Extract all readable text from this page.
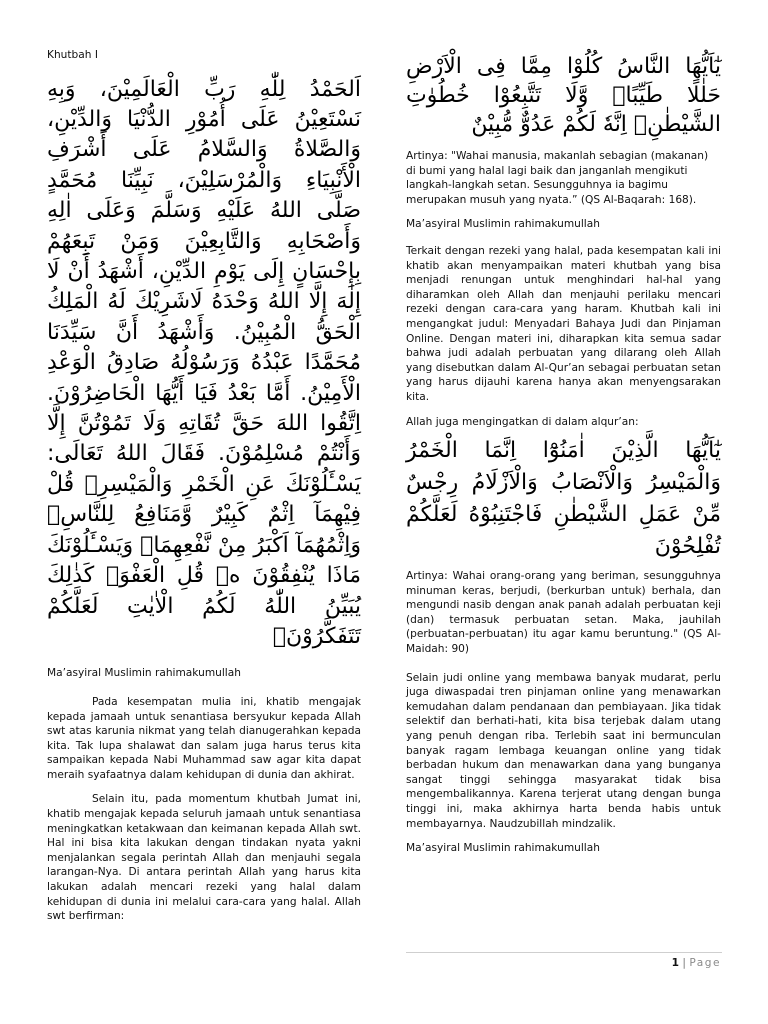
Khutbah I

اَلحَمْدُ لِلّٰهِ رَبِّ الْعَالَمِيْنَ، وَبِهِ نَسْتَعِيْنُ عَلَى أُمُوْرِ الدُّنْيَا وَالدِّيْنِ، وَالصَّلاةُ وَالسَّلامُ عَلَى أَشْرَفِ الْأَنْبِيَاءِ وَالْمُرْسَلِيْنَ، نَبِيِّنَا مُحَمَّدٍ صَلَّى اللهُ عَلَيْهِ وَسَلَّمَ وَعَلَى اٰلِهِ وَأَصْحَابِهِ وَالتَّابِعِيْنَ وَمَنْ تَبِعَهُمْ بِإِحْسَانٍ إِلَى يَوْمِ الدِّيْنِ، أَشْهَدُ أَنْ لَا إِلٰهَ إِلَّا اللهُ وَحْدَهُ لَاشَرِيْكَ لَهُ الْمَلِكُ الْحَقُّ الْمُبِيْنُ. وَأَشْهَدُ أَنَّ سَيِّدَنَا مُحَمَّدًا عَبْدُهُ وَرَسُوْلُهُ صَادِقُ الْوَعْدِ الْأَمِيْنُ. أَمَّا بَعْدُ فَيَا أَيُّهَا الْحَاضِرُوْنَ. اِتَّقُوا اللهَ حَقَّ تُقَاتِهِ وَلَا تَمُوْتُنَّ إِلَّا وَأَنْتُمْ مُسْلِمُوْنَ. فَقَالَ اللهُ تَعَالَى: يَسْـَٔلُوْنَكَ عَنِ الْخَمْرِ وَالْمَيْسِرِۗ قُلْ فِيْهِمَآ اِثْمٌ كَبِيْرٌ وَّمَنَافِعُ لِلنَّاسِۖ وَاِثْمُهُمَآ اَكْبَرُ مِنْ نَّفْعِهِمَاۗ وَيَسْـَٔلُوْنَكَ مَاذَا يُنْفِقُوْنَ ەۗ قُلِ الْعَفْوَۗ كَذٰلِكَ يُبَيِّنُ اللّٰهُ لَكُمُ الْاٰيٰتِ لَعَلَّكُمْ تَتَفَكَّرُوْنَۙ

Ma’asyiral Muslimin rahimakumullah

Pada kesempatan mulia ini, khatib mengajak kepada jamaah untuk senantiasa bersyukur kepada Allah swt atas karunia nikmat yang telah dianugerahkan kepada kita. Tak lupa shalawat dan salam juga harus terus kita sampaikan kepada Nabi Muhammad saw agar kita dapat meraih syafaatnya dalam kehidupan di dunia dan akhirat.

Selain itu, pada momentum khutbah Jumat ini, khatib mengajak kepada seluruh jamaah untuk senantiasa meningkatkan ketakwaan dan keimanan kepada Allah swt. Hal ini bisa kita lakukan dengan tindakan nyata yakni menjalankan segala perintah Allah dan menjauhi segala larangan-Nya. Di antara perintah Allah yang harus kita lakukan adalah mencari rezeki yang halal dalam kehidupan di dunia ini melalui cara-cara yang halal. Allah swt berfirman:

يٰٓاَيُّهَا النَّاسُ كُلُوْا مِمَّا فِى الْاَرْضِ حَلٰلًا طَيِّبًاۖ وَّلَا تَتَّبِعُوْا خُطُوٰتِ الشَّيْطٰنِۗ اِنَّهٗ لَكُمْ عَدُوٌّ مُّبِيْنٌ

Artinya: "Wahai manusia, makanlah sebagian (makanan) di bumi yang halal lagi baik dan janganlah mengikuti langkah-langkah setan. Sesungguhnya ia bagimu merupakan musuh yang nyata.” (QS Al-Baqarah: 168).

Ma’asyiral Muslimin rahimakumullah

Terkait dengan rezeki yang halal, pada kesempatan kali ini khatib akan menyampaikan materi khutbah yang bisa menjadi renungan untuk menghindari hal-hal yang diharamkan oleh Allah dan menjauhi perilaku mencari rezeki dengan cara-cara yang haram. Khutbah kali ini mengangkat judul: Menyadari Bahaya Judi dan Pinjaman Online. Dengan materi ini, diharapkan kita semua sadar bahwa judi adalah perbuatan yang dilarang oleh Allah yang disebutkan dalam Al-Qur’an sebagai perbuatan setan yang harus dijauhi karena hanya akan menyengsarakan kita.

Allah juga mengingatkan di dalam alqur’an:

يٰٓاَيُّهَا الَّذِيْنَ اٰمَنُوْٓا اِنَّمَا الْخَمْرُ وَالْمَيْسِرُ وَالْاَنْصَابُ وَالْاَزْلَامُ رِجْسٌ مِّنْ عَمَلِ الشَّيْطٰنِ فَاجْتَنِبُوْهُ لَعَلَّكُمْ تُفْلِحُوْنَ

Artinya: Wahai orang-orang yang beriman, sesungguhnya minuman keras, berjudi, (berkurban untuk) berhala, dan mengundi nasib dengan anak panah adalah perbuatan keji (dan) termasuk perbuatan setan. Maka, jauhilah (perbuatan-perbuatan) itu agar kamu beruntung." (QS Al-Maidah: 90)

Selain judi online yang membawa banyak mudarat, perlu juga diwaspadai tren pinjaman online yang menawarkan kemudahan dalam pendanaan dan pembiayaan. Jika tidak selektif dan berhati-hati, kita bisa terjebak dalam utang yang penuh dengan riba. Terlebih saat ini bermunculan banyak ragam lembaga keuangan online yang tidak berbadan hukum dan menawarkan dana yang bunganya sangat tinggi sehingga masyarakat tidak bisa mengembalikannya. Karena terjerat utang dengan bunga tinggi ini, maka akhirnya harta benda habis untuk membayarnya. Naudzubillah mindzalik.

Ma’asyiral Muslimin rahimakumullah

1 | Page
